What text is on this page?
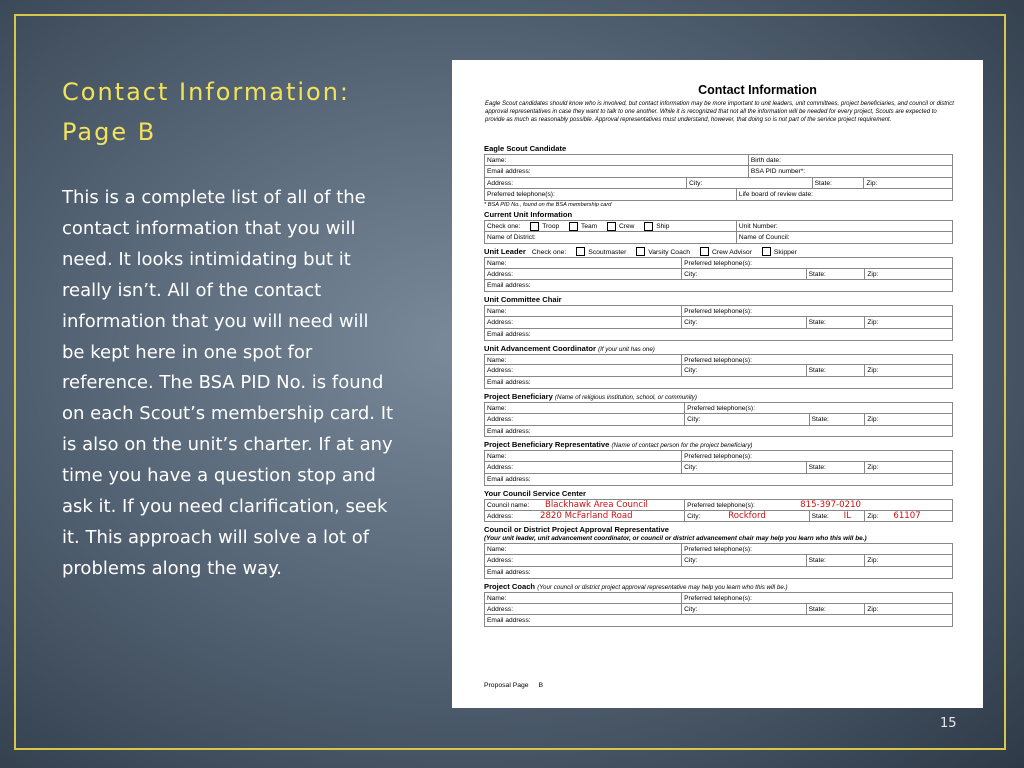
Contact Information:
Page B
This is a complete list of all of the contact information that you will need. It looks intimidating but it really isn’t. All of the contact information that you will need will be kept here in one spot for reference. The BSA PID No. is found on each Scout’s membership card. It is also on the unit’s charter. If at any time you have a question stop and ask it. If you need clarification, seek it. This approach will solve a lot of problems along the way.
15
Contact Information
Eagle Scout candidates should know who is involved, but contact information may be more important to unit leaders, unit committees, project beneficiaries, and council or district approval representatives in case they want to talk to one another. While it is recognized that not all the information will be needed for every project, Scouts are expected to provide as much as reasonably possible. Approval representatives must understand, however, that doing so is not part of the service project requirement.
Eagle Scout Candidate
Name:	Birth date:
Email address:	BSA PID number*:
Address:	City:	State:	Zip:
Preferred telephone(s):	Life board of review date:
* BSA PID No., found on the BSA membership card
Current Unit Information
Check one:	Troop	Team	Crew	Ship	Unit Number:
Name of District:	Name of Council:
Unit Leader Check one:	Scoutmaster	Varsity Coach	Crew Advisor	Skipper
Name:	Preferred telephone(s):
Address:	City:	State:	Zip:
Email address:
Unit Committee Chair
Name:	Preferred telephone(s):
Address:	City:	State:	Zip:
Email address:
Unit Advancement Coordinator (If your unit has one)
Name:	Preferred telephone(s):
Address:	City:	State:	Zip:
Email address:
Project Beneficiary (Name of religious institution, school, or community)
Name:	Preferred telephone(s):
Address:	City:	State:	Zip:
Email address:
Project Beneficiary Representative (Name of contact person for the project beneficiary)
Name:	Preferred telephone(s):
Address:	City:	State:	Zip:
Email address:
Your Council Service Center
Council name: Blackhawk Area Council	Preferred telephone(s):	815-397-0210
Address:	2820 McFarland Road	City:	Rockford	State: IL	Zip: 61107
Council or District Project Approval Representative
(Your unit leader, unit advancement coordinator, or council or district advancement chair may help you learn who this will be.)
Name:	Preferred telephone(s):
Address:	City:	State:	Zip:
Email address:
Project Coach (Your council or district project approval representative may help you learn who this will be.)
Name:	Preferred telephone(s):
Address:	City:	State:	Zip:
Email address:
Proposal Page B
